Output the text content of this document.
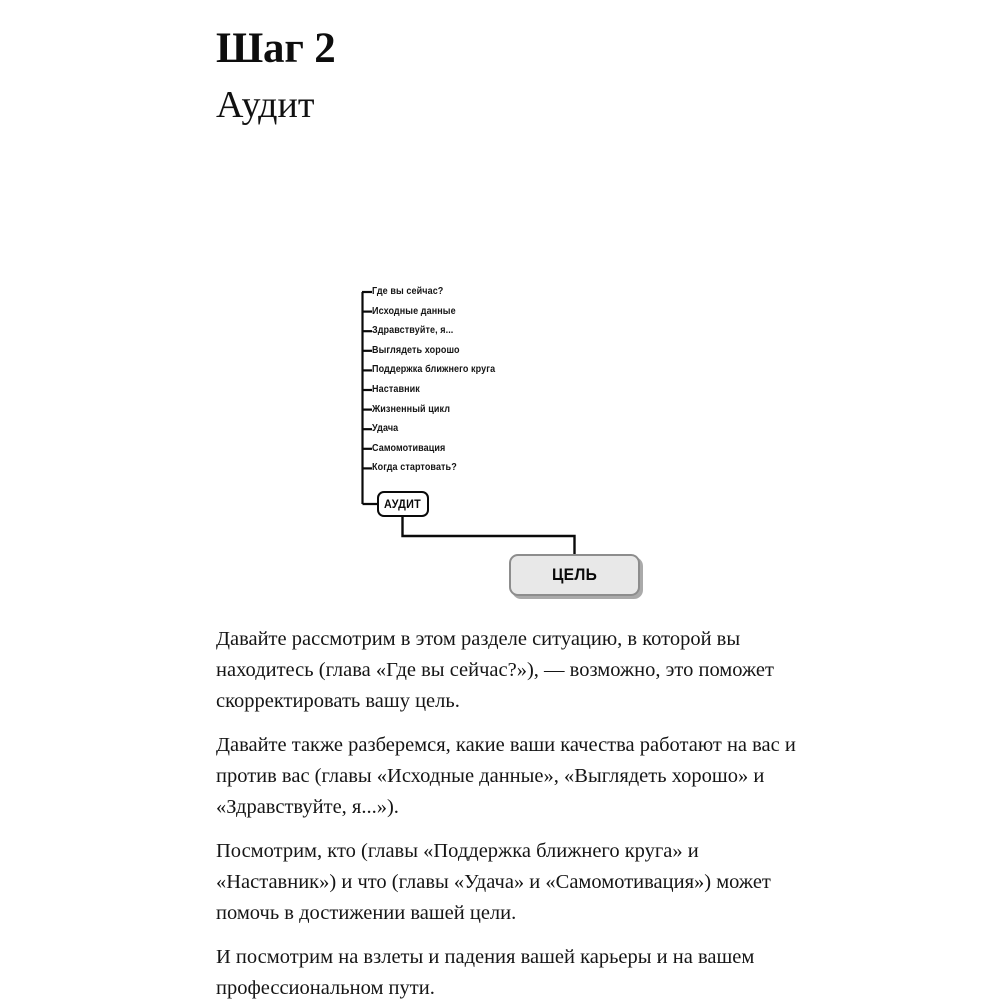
Шаг 2
Аудит
Где вы сейчас?
Исходные данные
Здравствуйте, я...
Выглядеть хорошо
Поддержка ближнего круга
Наставник
Жизненный цикл
Удача
Самомотивация
Когда стартовать?
АУДИТ
ЦЕЛЬ

Давайте рассмотрим в этом разделе ситуацию, в которой вы находитесь (глава «Где вы сейчас?»), — возможно, это поможет скорректировать вашу цель.

Давайте также разберемся, какие ваши качества работают на вас и против вас (главы «Исходные данные», «Выглядеть хорошо» и «Здравствуйте, я...»).

Посмотрим, кто (главы «Поддержка ближнего круга» и «Наставник») и что (главы «Удача» и «Самомотивация») может помочь в достижении вашей цели.

И посмотрим на взлеты и падения вашей карьеры и на вашем профессиональном пути.
